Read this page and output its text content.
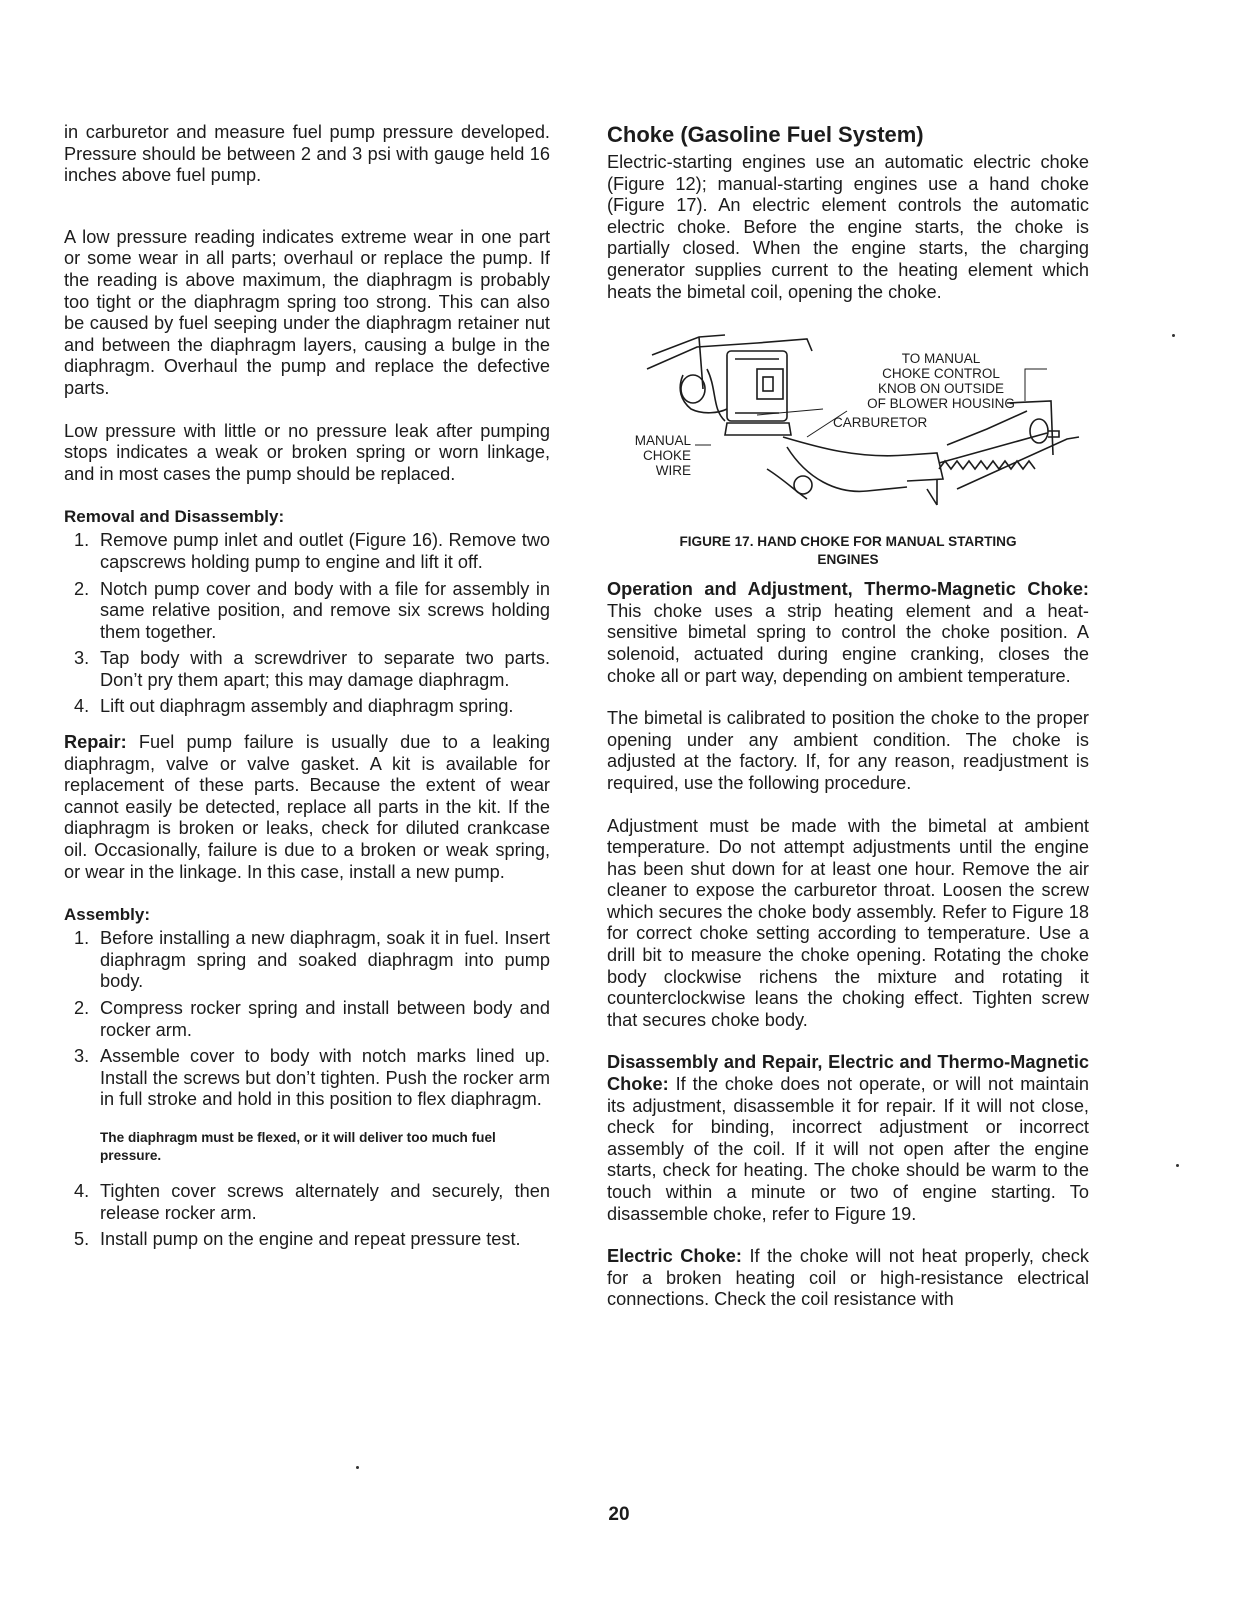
in carburetor and measure fuel pump pressure developed. Pressure should be between 2 and 3 psi with gauge held 16 inches above fuel pump.

A low pressure reading indicates extreme wear in one part or some wear in all parts; overhaul or replace the pump. If the reading is above maximum, the diaphragm is probably too tight or the diaphragm spring too strong. This can also be caused by fuel seeping under the diaphragm retainer nut and between the diaphragm layers, causing a bulge in the diaphragm. Overhaul the pump and replace the defective parts.

Low pressure with little or no pressure leak after pumping stops indicates a weak or broken spring or worn linkage, and in most cases the pump should be replaced.

Removal and Disassembly:
1. Remove pump inlet and outlet (Figure 16). Remove two capscrews holding pump to engine and lift it off.
2. Notch pump cover and body with a file for assembly in same relative position, and remove six screws holding them together.
3. Tap body with a screwdriver to separate two parts. Don’t pry them apart; this may damage diaphragm.
4. Lift out diaphragm assembly and diaphragm spring.

Repair: Fuel pump failure is usually due to a leaking diaphragm, valve or valve gasket. A kit is available for replacement of these parts. Because the extent of wear cannot easily be detected, replace all parts in the kit. If the diaphragm is broken or leaks, check for diluted crankcase oil. Occasionally, failure is due to a broken or weak spring, or wear in the linkage. In this case, install a new pump.

Assembly:
1. Before installing a new diaphragm, soak it in fuel. Insert diaphragm spring and soaked diaphragm into pump body.
2. Compress rocker spring and install between body and rocker arm.
3. Assemble cover to body with notch marks lined up. Install the screws but don’t tighten. Push the rocker arm in full stroke and hold in this position to flex diaphragm.
The diaphragm must be flexed, or it will deliver too much fuel pressure.
4. Tighten cover screws alternately and securely, then release rocker arm.
5. Install pump on the engine and repeat pressure test.
Choke (Gasoline Fuel System)

Electric-starting engines use an automatic electric choke (Figure 12); manual-starting engines use a hand choke (Figure 17). An electric element controls the automatic electric choke. Before the engine starts, the choke is partially closed. When the engine starts, the charging generator supplies current to the heating element which heats the bimetal coil, opening the choke.

TO MANUAL
CHOKE CONTROL
KNOB ON OUTSIDE
OF BLOWER HOUSING
CARBURETOR
MANUAL
CHOKE
WIRE
FIGURE 17. HAND CHOKE FOR MANUAL STARTING
ENGINES

Operation and Adjustment, Thermo-Magnetic Choke: This choke uses a strip heating element and a heat-sensitive bimetal spring to control the choke position. A solenoid, actuated during engine cranking, closes the choke all or part way, depending on ambient temperature.

The bimetal is calibrated to position the choke to the proper opening under any ambient condition. The choke is adjusted at the factory. If, for any reason, readjustment is required, use the following procedure.

Adjustment must be made with the bimetal at ambient temperature. Do not attempt adjustments until the engine has been shut down for at least one hour. Remove the air cleaner to expose the carburetor throat. Loosen the screw which secures the choke body assembly. Refer to Figure 18 for correct choke setting according to temperature. Use a drill bit to measure the choke opening. Rotating the choke body clockwise richens the mixture and rotating it counterclockwise leans the choking effect. Tighten screw that secures choke body.

Disassembly and Repair, Electric and Thermo-Magnetic Choke: If the choke does not operate, or will not maintain its adjustment, disassemble it for repair. If it will not close, check for binding, incorrect adjustment or incorrect assembly of the coil. If it will not open after the engine starts, check for heating. The choke should be warm to the touch within a minute or two of engine starting. To disassemble choke, refer to Figure 19.

Electric Choke: If the choke will not heat properly, check for a broken heating coil or high-resistance electrical connections. Check the coil resistance with

20
